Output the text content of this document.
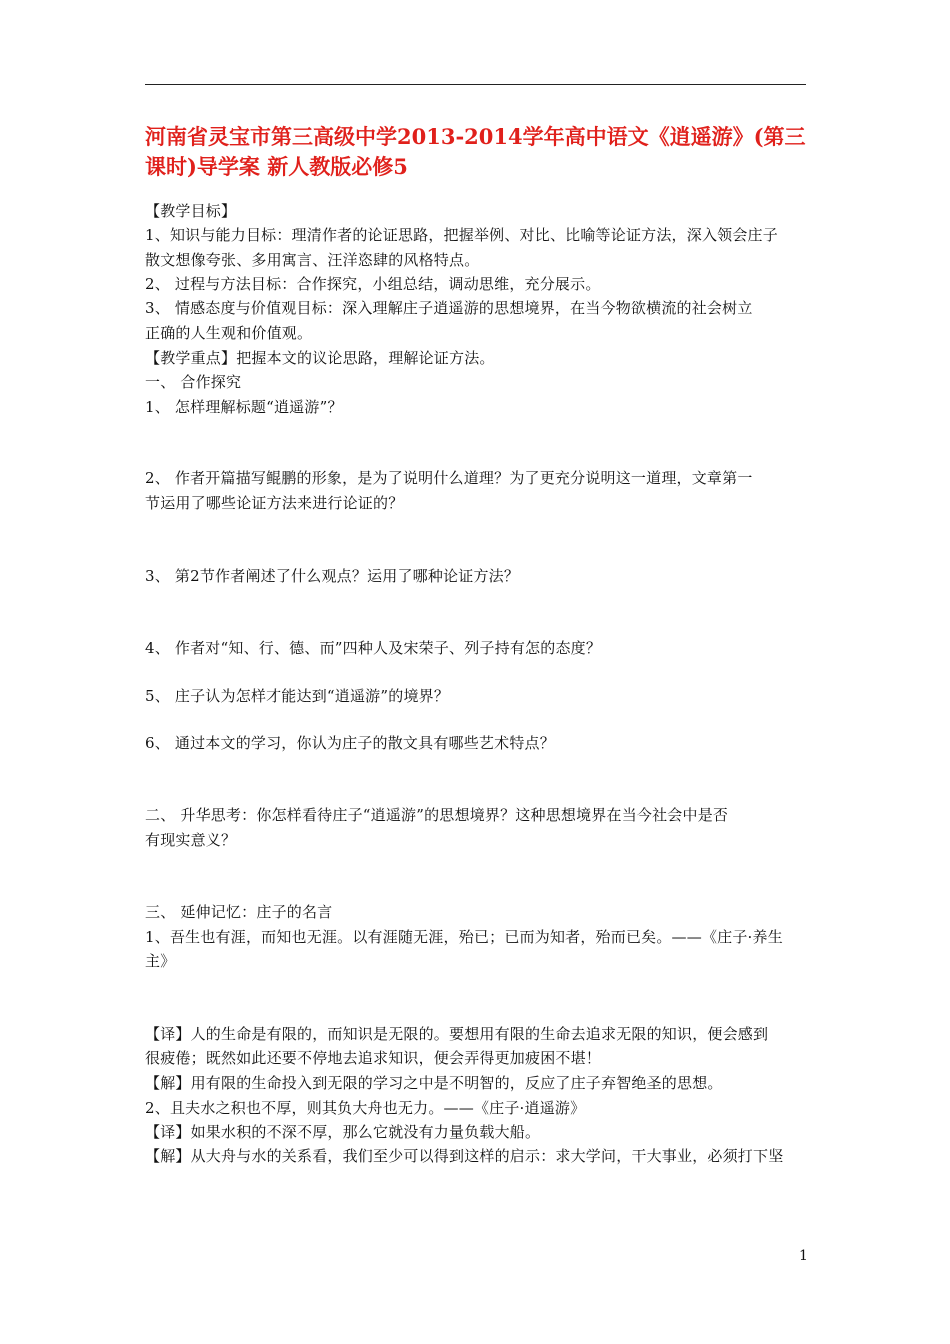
河南省灵宝市第三高级中学2013-2014学年高中语文《逍遥游》(第三
课时)导学案 新人教版必修5
【教学目标】
1、知识与能力目标：理清作者的论证思路，把握举例、对比、比喻等论证方法，深入领会庄子
散文想像夸张、多用寓言、汪洋恣肆的风格特点。
2、 过程与方法目标：合作探究，小组总结，调动思维，充分展示。
3、 情感态度与价值观目标：深入理解庄子逍遥游的思想境界，在当今物欲横流的社会树立
正确的人生观和价值观。
【教学重点】把握本文的议论思路，理解论证方法。
一、 合作探究
1、 怎样理解标题“逍遥游”？
2、 作者开篇描写鲲鹏的形象，是为了说明什么道理？为了更充分说明这一道理，文章第一
节运用了哪些论证方法来进行论证的？
3、 第2节作者阐述了什么观点？运用了哪种论证方法？
4、 作者对“知、行、德、而”四种人及宋荣子、列子持有怎的态度？
5、 庄子认为怎样才能达到“逍遥游”的境界？
6、 通过本文的学习，你认为庄子的散文具有哪些艺术特点？
二、 升华思考：你怎样看待庄子“逍遥游”的思想境界？这种思想境界在当今社会中是否
有现实意义？
三、 延伸记忆：庄子的名言
1、吾生也有涯，而知也无涯。以有涯随无涯，殆已；已而为知者，殆而已矣。——《庄子·养生
主》
【译】人的生命是有限的，而知识是无限的。要想用有限的生命去追求无限的知识，便会感到
很疲倦；既然如此还要不停地去追求知识，便会弄得更加疲困不堪！
【解】用有限的生命投入到无限的学习之中是不明智的，反应了庄子弃智绝圣的思想。
2、且夫水之积也不厚，则其负大舟也无力。——《庄子·逍遥游》
【译】如果水积的不深不厚，那么它就没有力量负载大船。
【解】从大舟与水的关系看，我们至少可以得到这样的启示：求大学问，干大事业，必须打下坚
1
